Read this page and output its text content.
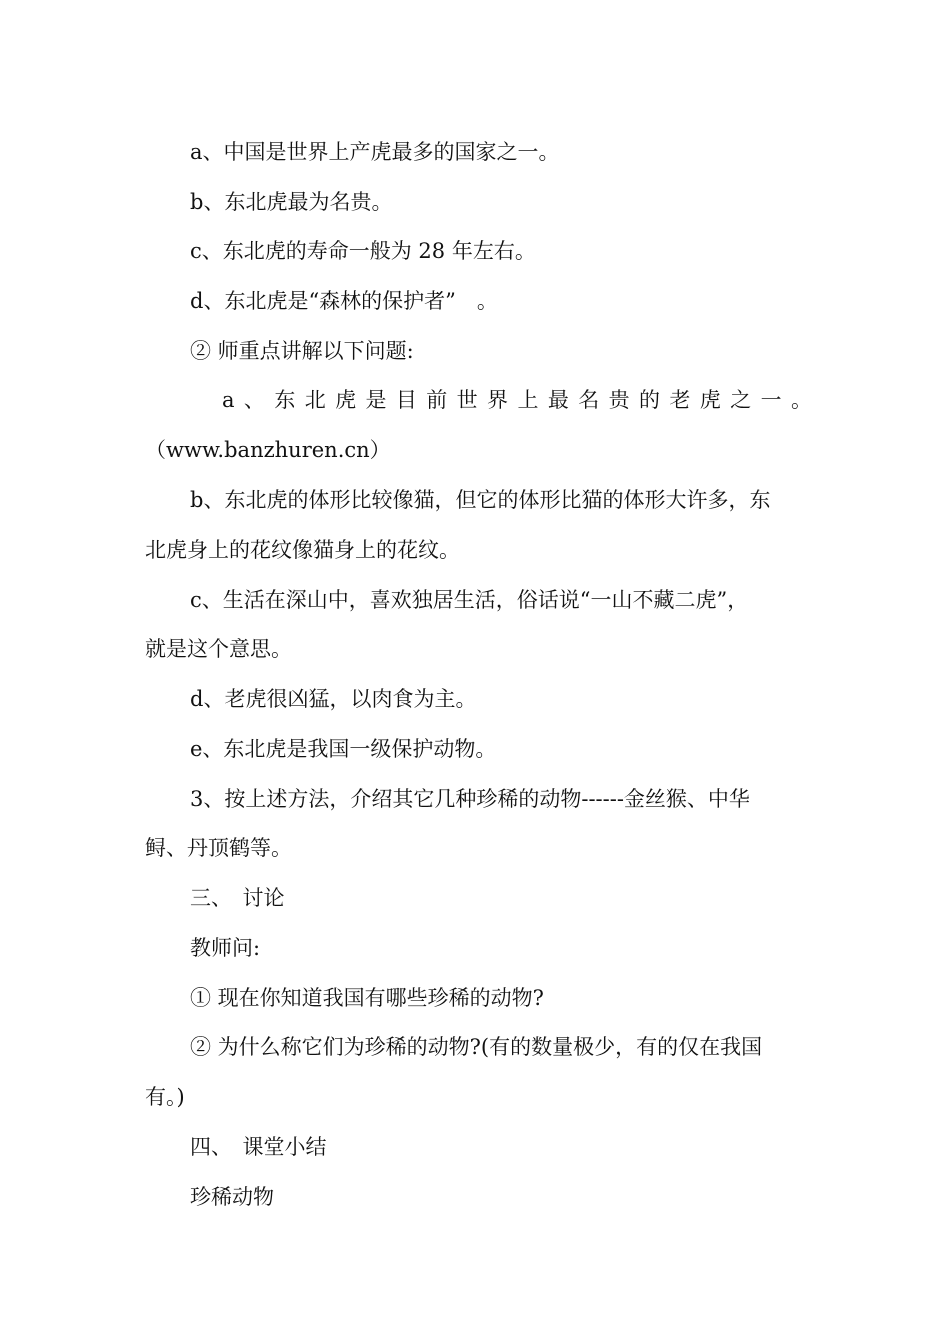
a、中国是世界上产虎最多的国家之一。
b、东北虎最为名贵。
c、东北虎的寿命一般为 28 年左右。
d、东北虎是“森林的保护者”　。
② 师重点讲解以下问题:
a 、 东 北 虎 是 目 前 世 界 上 最 名 贵 的 老 虎 之 一 。
（www.banzhuren.cn）
b、东北虎的体形比较像猫，但它的体形比猫的体形大许多，东
北虎身上的花纹像猫身上的花纹。
c、生活在深山中，喜欢独居生活，俗话说“一山不藏二虎”，
就是这个意思。
d、老虎很凶猛，以肉食为主。
e、东北虎是我国一级保护动物。
3、按上述方法，介绍其它几种珍稀的动物------金丝猴、中华
鲟、丹顶鹤等。
三、　讨论
教师问:
① 现在你知道我国有哪些珍稀的动物?
② 为什么称它们为珍稀的动物?(有的数量极少，有的仅在我国
有。)
四、　课堂小结
珍稀动物
